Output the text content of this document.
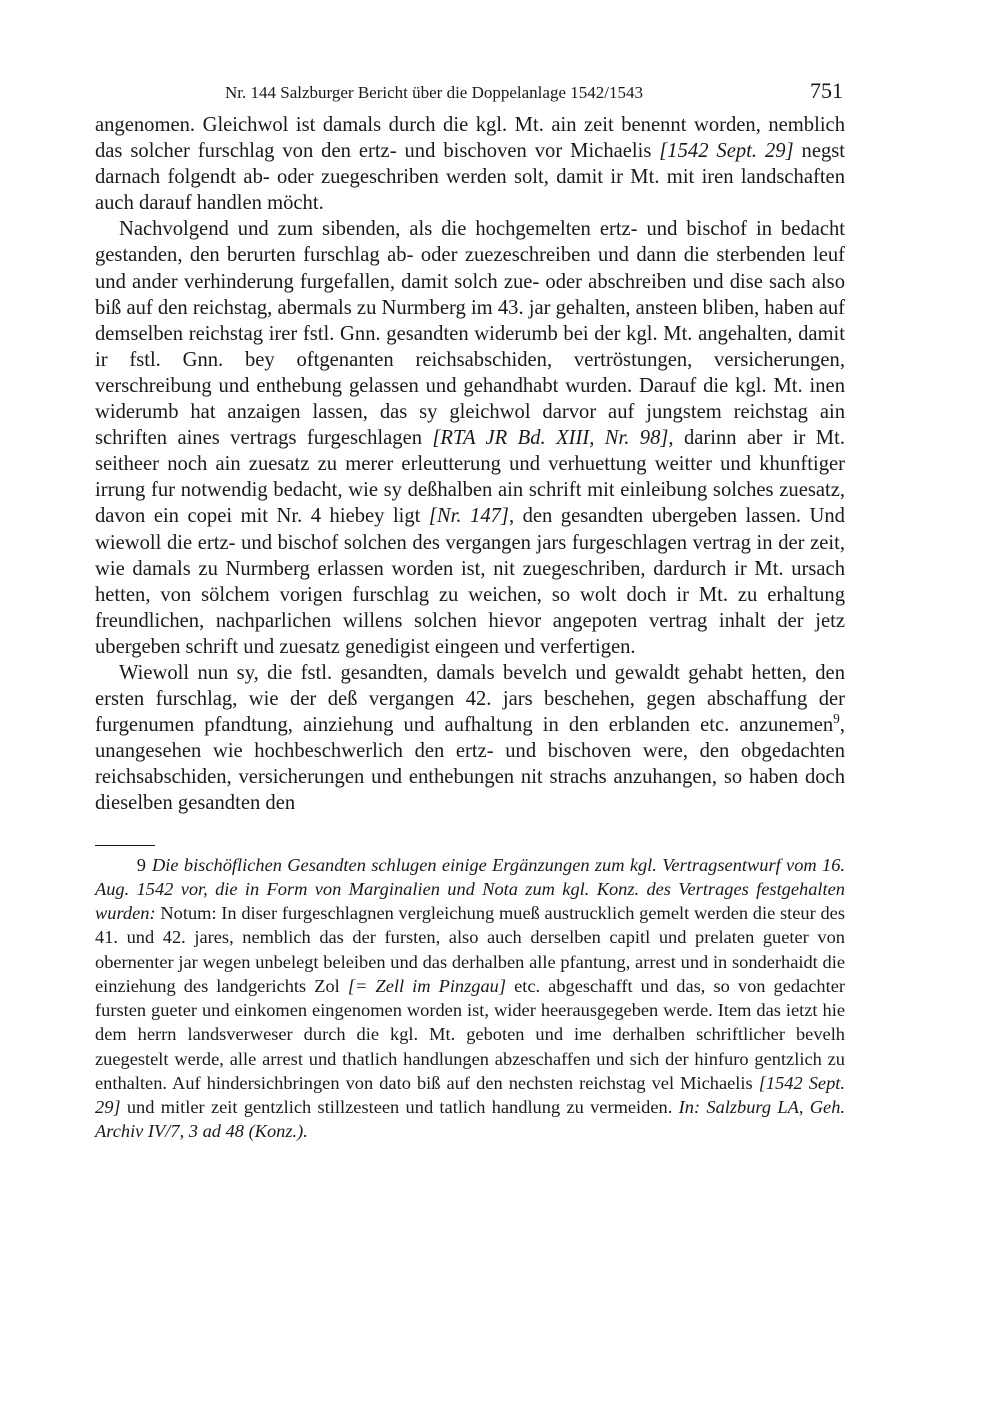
Nr. 144 Salzburger Bericht über die Doppelanlage 1542/1543	751

angenomen. Gleichwol ist damals durch die kgl. Mt. ain zeit benennt worden, nemblich das solcher furschlag von den ertz- und bischoven vor Michaelis [1542 Sept. 29] negst darnach folgendt ab- oder zuegeschriben werden solt, damit ir Mt. mit iren landschaften auch darauf handlen möcht.

Nachvolgend und zum sibenden, als die hochgemelten ertz- und bischof in bedacht gestanden, den berurten furschlag ab- oder zuezeschreiben und dann die sterbenden leuf und ander verhinderung furgefallen, damit solch zue- oder abschreiben und dise sach also biß auf den reichstag, abermals zu Nurmberg im 43. jar gehalten, ansteen bliben, haben auf demselben reichstag irer fstl. Gnn. gesandten widerumb bei der kgl. Mt. angehalten, damit ir fstl. Gnn. bey oftgenanten reichsabschiden, vertröstungen, versicherungen, verschreibung und enthebung gelassen und gehandhabt wurden. Darauf die kgl. Mt. inen widerumb hat anzaigen lassen, das sy gleichwol darvor auf jungstem reichstag ain schriften aines vertrags furgeschlagen [RTA JR Bd. XIII, Nr. 98], darinn aber ir Mt. seitheer noch ain zuesatz zu merer erleutterung und verhuettung weitter und khunftiger irrung fur notwendig bedacht, wie sy deßhalben ain schrift mit einleibung solches zuesatz, davon ein copei mit Nr. 4 hiebey ligt [Nr. 147], den gesandten ubergeben lassen. Und wiewoll die ertz- und bischof solchen des vergangen jars furgeschlagen vertrag in der zeit, wie damals zu Nurmberg erlassen worden ist, nit zuegeschriben, dardurch ir Mt. ursach hetten, von sölchem vorigen furschlag zu weichen, so wolt doch ir Mt. zu erhaltung freundlichen, nachparlichen willens solchen hievor angepoten vertrag inhalt der jetz ubergeben schrift und zuesatz genedigist eingeen und verfertigen.

Wiewoll nun sy, die fstl. gesandten, damals bevelch und gewaldt gehabt hetten, den ersten furschlag, wie der deß vergangen 42. jars beschehen, gegen abschaffung der furgenumen pfandtung, ainziehung und aufhaltung in den erblanden etc. anzunemen$^9$, unangesehen wie hochbeschwerlich den ertz- und bischoven were, den obgedachten reichsabschiden, versicherungen und enthebungen nit strachs anzuhangen, so haben doch dieselben gesandten den

9 Die bischöflichen Gesandten schlugen einige Ergänzungen zum kgl. Vertragsentwurf vom 16. Aug. 1542 vor, die in Form von Marginalien und Nota zum kgl. Konz. des Vertrages festgehalten wurden: Notum: In diser furgeschlagnen vergleichung mueß austrucklich gemelt werden die steur des 41. und 42. jares, nemblich das der fursten, also auch derselben capitl und prelaten gueter von obernenter jar wegen unbelegt beleiben und das derhalben alle pfantung, arrest und in sonderhaidt die einziehung des landgerichts Zol [= Zell im Pinzgau] etc. abgeschafft und das, so von gedachter fursten gueter und einkomen eingenomen worden ist, wider heerausgegeben werde. Item das ietzt hie dem herrn landsverweser durch die kgl. Mt. geboten und ime derhalben schriftlicher bevelh zuegestelt werde, alle arrest und thatlich handlungen abzeschaffen und sich der hinfuro gentzlich zu enthalten. Auf hindersichbringen von dato biß auf den nechsten reichstag vel Michaelis [1542 Sept. 29] und mitler zeit gentzlich stillzesteen und tatlich handlung zu vermeiden. In: Salzburg LA, Geh. Archiv IV/7, 3 ad 48 (Konz.).
